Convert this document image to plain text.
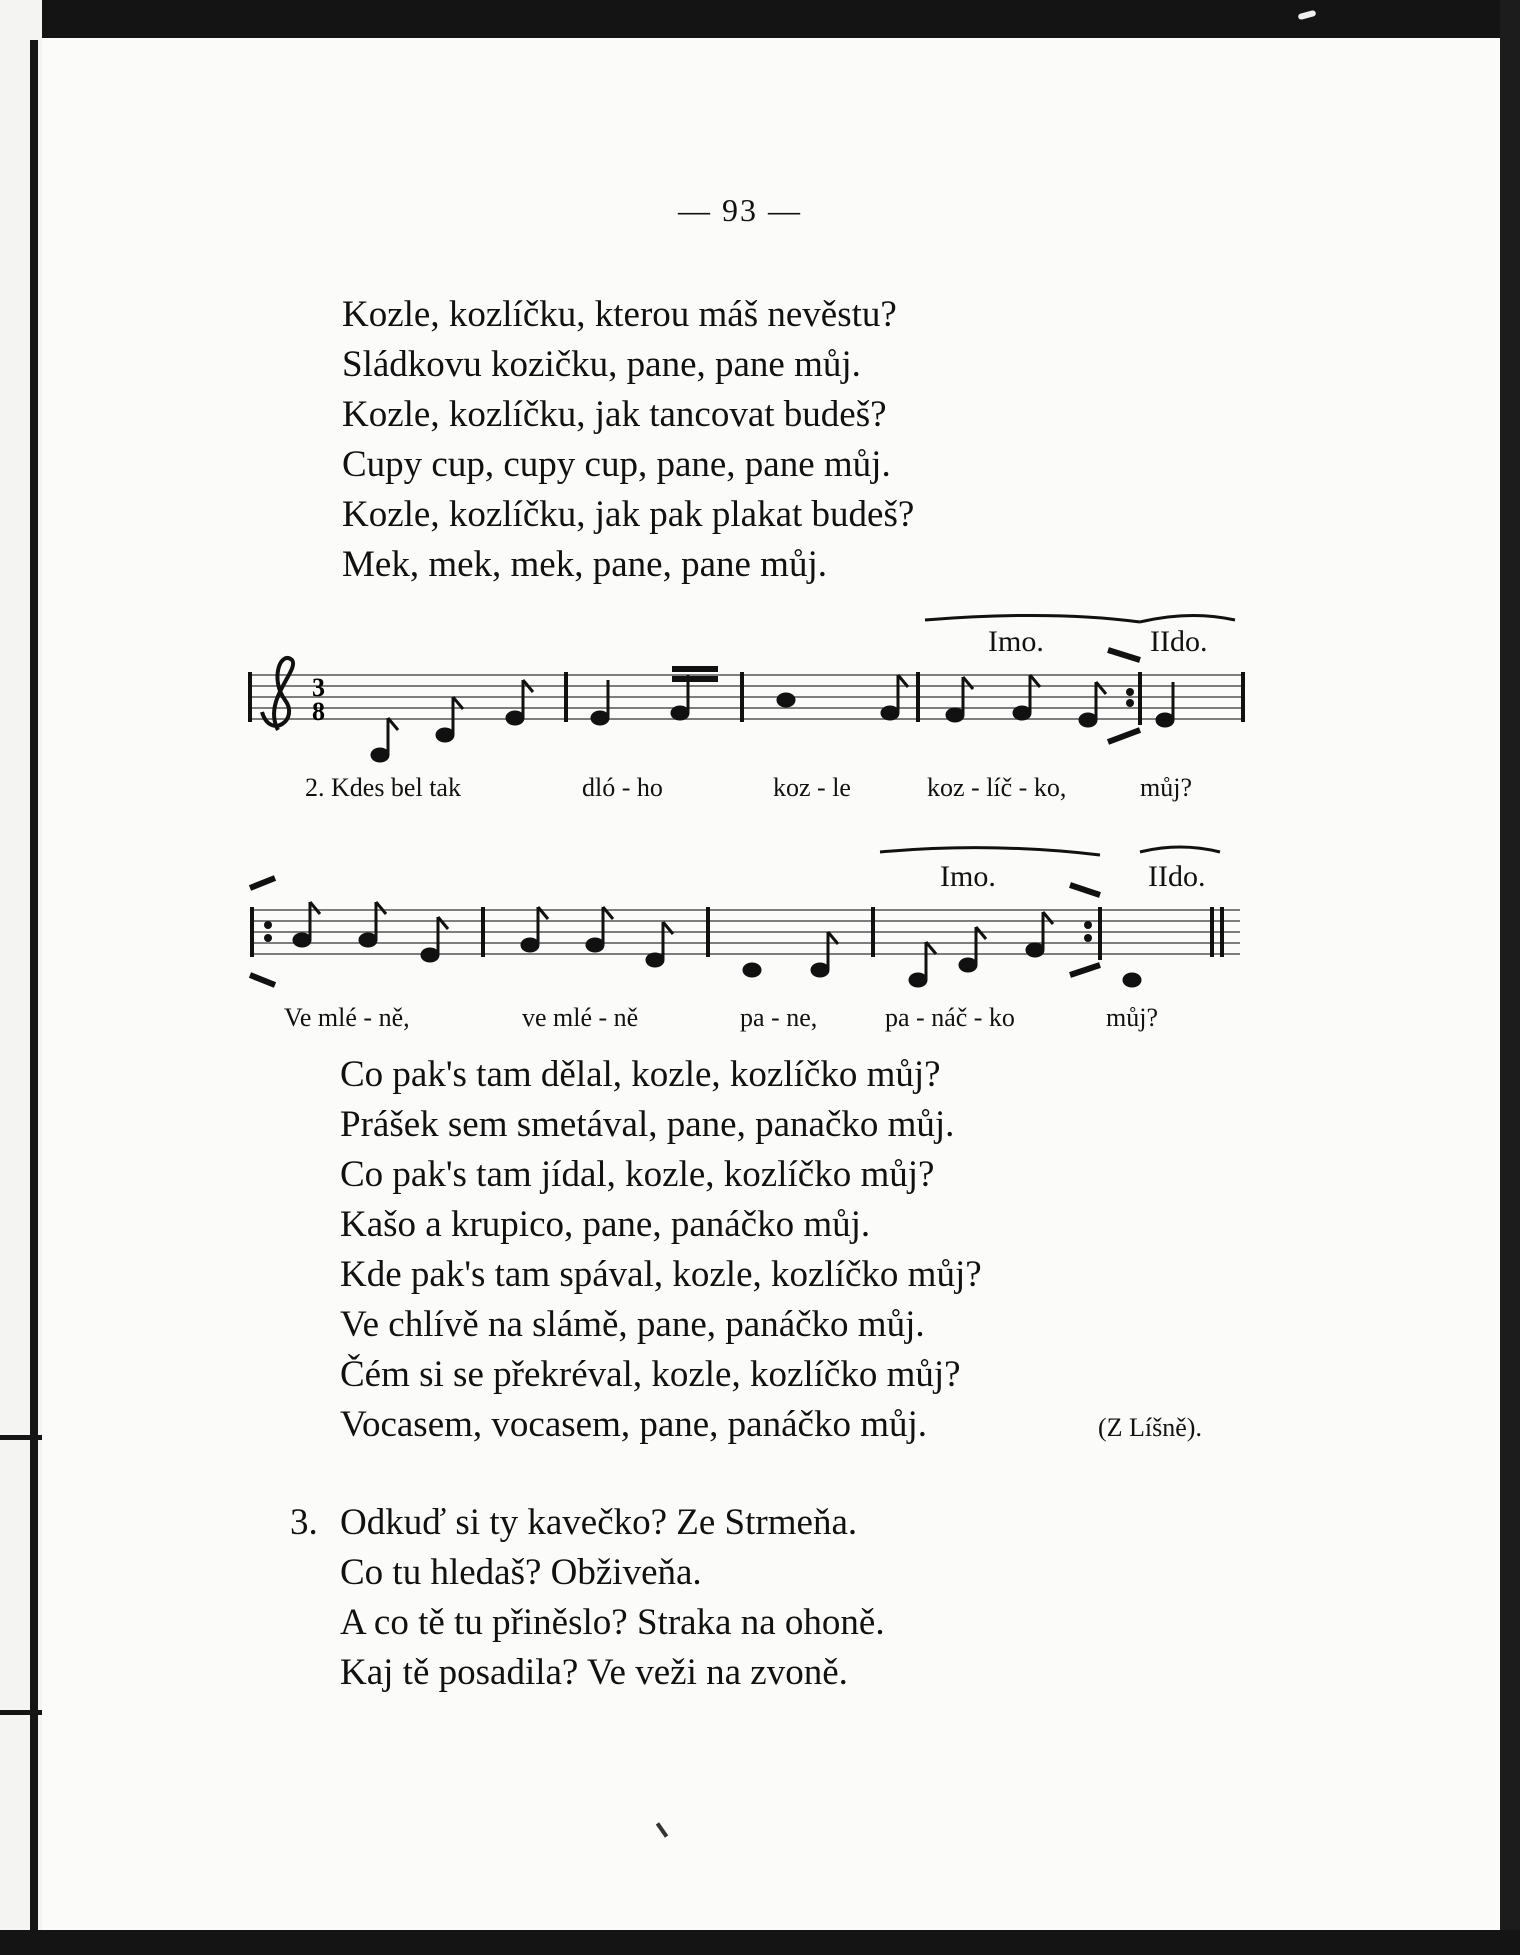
— 93 —
Kozle, kozlíčku, kterou máš nevěstu?
Sládkovu kozičku, pane, pane můj.
Kozle, kozlíčku, jak tancovat budeš?
Cupy cup, cupy cup, pane, pane můj.
Kozle, kozlíčku, jak pak plakat budeš?
Mek, mek, mek, pane, pane můj.
Imo.	IIdo.
3
8
2. Kdes bel tak	dló - ho	koz - le	koz - líč - ko,	můj?
Imo.	IIdo.
Ve mlé - ně,	ve mlé - ně	pa - ne,	pa - náč - ko	můj?
Co pak's tam dělal, kozle, kozlíčko můj?
Prášek sem smetával, pane, panačko můj.
Co pak's tam jídal, kozle, kozlíčko můj?
Kašo a krupico, pane, panáčko můj.
Kde pak's tam spával, kozle, kozlíčko můj?
Ve chlívě na slámě, pane, panáčko můj.
Čém si se překréval, kozle, kozlíčko můj?
Vocasem, vocasem, pane, panáčko můj.	(Z Líšně).
3. Odkuď si ty kavečko? Ze Strmeňa.
Co tu hledaš? Obživeňa.
A co tě tu přiněslo? Straka na ohoně.
Kaj tě posadila? Ve veži na zvoně.
